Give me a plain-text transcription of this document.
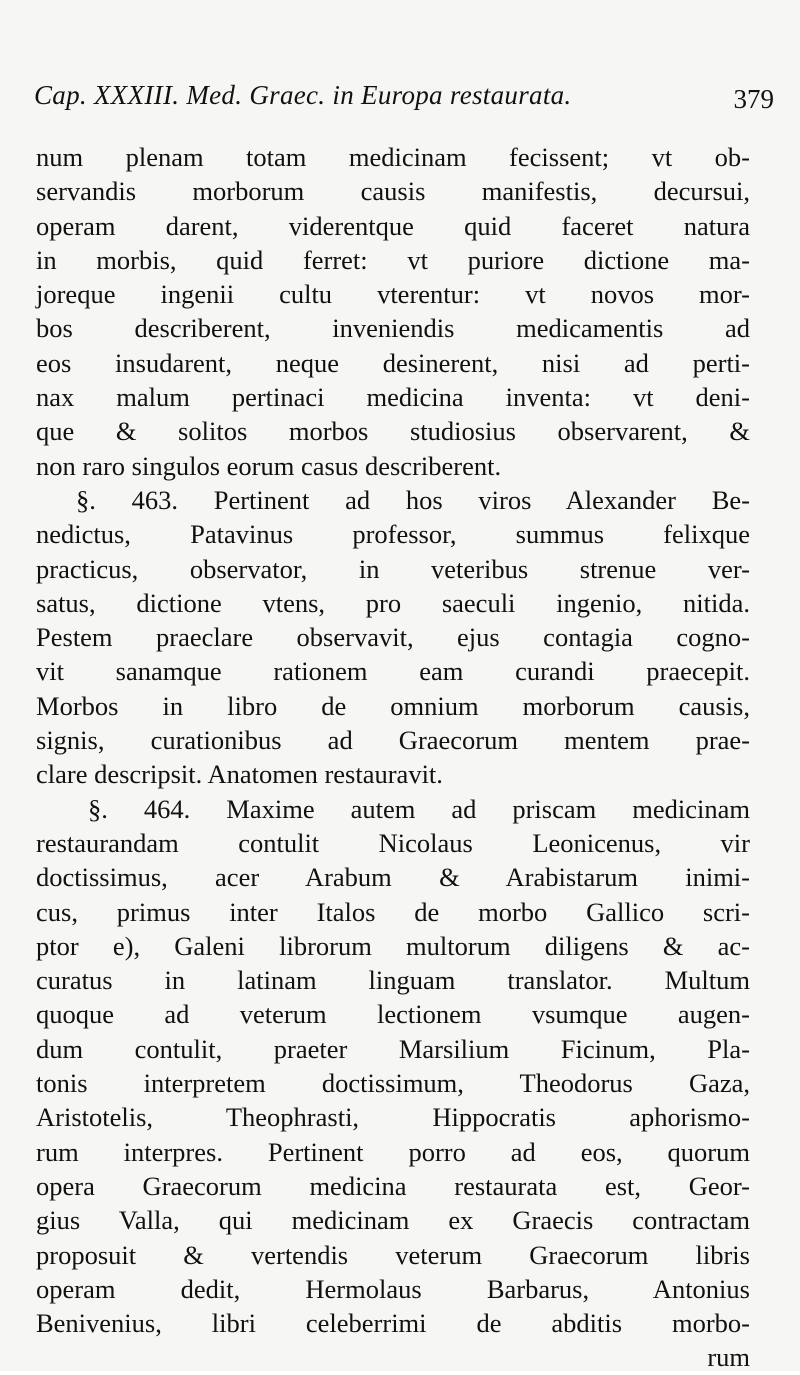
Cap. XXXIII. Med. Graec. in Europa restaurata.	379
num plenam totam medicinam fecissent; vt ob-
servandis morborum causis manifestis, decursui,
operam darent, viderentque quid faceret natura
in morbis, quid ferret: vt puriore dictione ma-
joreque ingenii cultu vterentur: vt novos mor-
bos describerent, inveniendis medicamentis ad
eos insudarent, neque desinerent, nisi ad perti-
nax malum pertinaci medicina inventa: vt deni-
que & solitos morbos studiosius observarent, &
non raro singulos eorum casus describerent.
§. 463. Pertinent ad hos viros Alexander Be-
nedictus, Patavinus professor, summus felixque
practicus, observator, in veteribus strenue ver-
satus, dictione vtens, pro saeculi ingenio, nitida.
Pestem praeclare observavit, ejus contagia cogno-
vit sanamque rationem eam curandi praecepit.
Morbos in libro de omnium morborum causis,
signis, curationibus ad Graecorum mentem prae-
clare descripsit. Anatomen restauravit.
§. 464. Maxime autem ad priscam medicinam
restaurandam contulit Nicolaus Leonicenus, vir
doctissimus, acer Arabum & Arabistarum inimi-
cus, primus inter Italos de morbo Gallico scri-
ptor e), Galeni librorum multorum diligens & ac-
curatus in latinam linguam translator. Multum
quoque ad veterum lectionem vsumque augen-
dum contulit, praeter Marsilium Ficinum, Pla-
tonis interpretem doctissimum, Theodorus Gaza,
Aristotelis, Theophrasti, Hippocratis aphorismo-
rum interpres. Pertinent porro ad eos, quorum
opera Graecorum medicina restaurata est, Geor-
gius Valla, qui medicinam ex Graecis contractam
proposuit & vertendis veterum Graecorum libris
operam dedit, Hermolaus Barbarus, Antonius
Benivenius, libri celeberrimi de abditis morbo-
rum
